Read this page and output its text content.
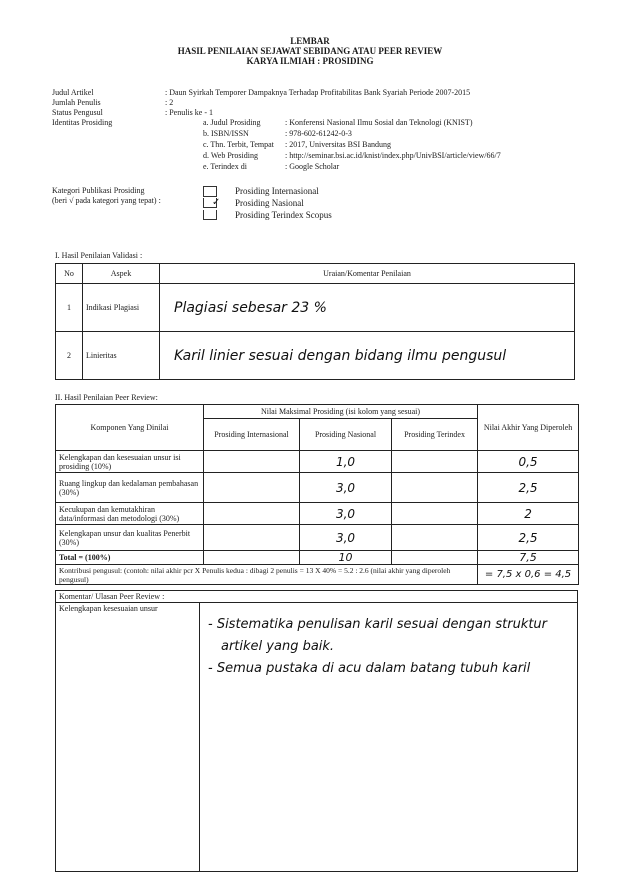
LEMBAR
HASIL PENILAIAN SEJAWAT SEBIDANG ATAU PEER REVIEW
KARYA ILMIAH : PROSIDING
Judul Artikel	: Daun Syirkah Temporer Dampaknya Terhadap Profitabilitas Bank Syariah Periode 2007-2015
Jumlah Penulis	: 2
Status Pengusul	: Penulis ke - 1
Identitas Prosiding	a. Judul Prosiding	: Konferensi Nasional Ilmu Sosial dan Teknologi (KNIST)
b. ISBN/ISSN	: 978-602-61242-0-3
c. Thn. Terbit, Tempat : 2017, Universitas BSI Bandung
d. Web Prosiding	: http://seminar.bsi.ac.id/knist/index.php/UnivBSI/article/view/66/7
e. Terindex di	: Google Scholar
Kategori Publikasi Prosiding
(beri √ pada kategori yang tepat) :
Prosiding Internasional
✓ Prosiding Nasional
Prosiding Terindex Scopus
I. Hasil Penilaian Validasi :
No	Aspek	Uraian/Komentar Penilaian
1	Indikasi Plagiasi	Plagiasi sebesar 23 %
2	Linieritas	Karil linier sesuai dengan bidang ilmu pengusul
II. Hasil Penilaian Peer Review:
Komponen Yang Dinilai	Nilai Maksimal Prosiding (isi kolom yang sesuai)			Nilai Akhir Yang Diperoleh
	Prosiding Internasional	Prosiding Nasional	Prosiding Terindex	
Kelengkapan dan kesesuaian unsur isi prosiding (10%)		1,0		0,5
Ruang lingkup dan kedalaman pembahasan (30%)		3,0		2,5
Kecukupan dan kemutakhiran data/informasi dan metodologi (30%)		3,0		2
Kelengkapan unsur dan kualitas Penerbit (30%)		3,0		2,5
Total = (100%)		10		7,5
Kontribusi pengusul: (contoh: nilai akhir pcr X Penulis kedua : dibagi 2 penulis = 13 X 40% = 5.2 : 2.6 (nilai akhir yang diperoleh pengusul)				= 7,5 x 0,6 = 4,5
Komentar/ Ulasan Peer Review :
Kelengkapan kesesuaian unsur
- Sistematika penulisan karil sesuai dengan struktur
artikel yang baik.
- Semua pustaka di acu dalam batang tubuh karil
